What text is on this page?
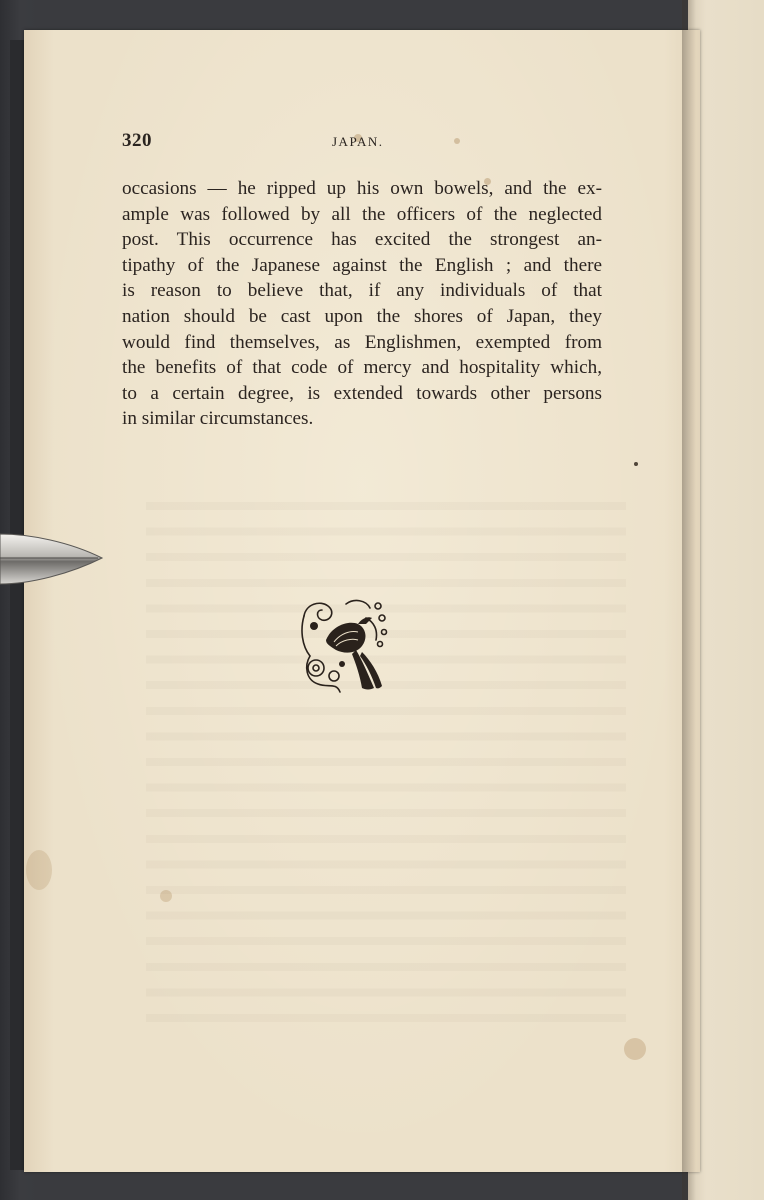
320	JAPAN.
occasions — he ripped up his own bowels, and the ex-
ample was followed by all the officers of the neglected
post. This occurrence has excited the strongest an-
tipathy of the Japanese against the English ; and there
is reason to believe that, if any individuals of that
nation should be cast upon the shores of Japan, they
would find themselves, as Englishmen, exempted from
the benefits of that code of mercy and hospitality which,
to a certain degree, is extended towards other persons
in similar circumstances.
